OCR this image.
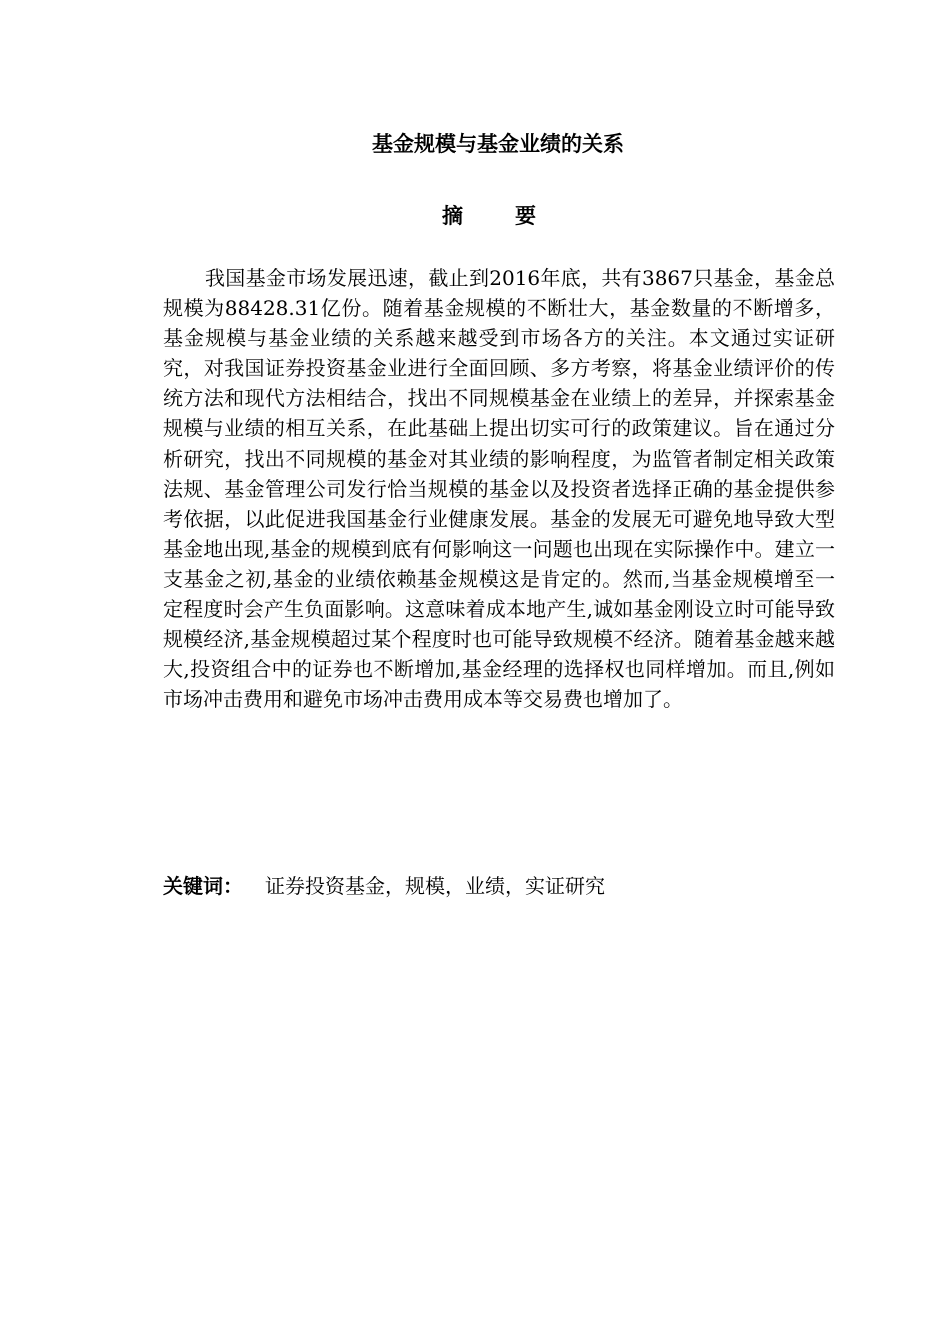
基金规模与基金业绩的关系
摘要

我国基金市场发展迅速，截止到2016年底，共有3867只基金，基金总规模为88428.31亿份。随着基金规模的不断壮大，基金数量的不断增多，基金规模与基金业绩的关系越来越受到市场各方的关注。本文通过实证研究，对我国证券投资基金业进行全面回顾、多方考察，将基金业绩评价的传统方法和现代方法相结合，找出不同规模基金在业绩上的差异，并探索基金规模与业绩的相互关系，在此基础上提出切实可行的政策建议。旨在通过分析研究，找出不同规模的基金对其业绩的影响程度，为监管者制定相关政策法规、基金管理公司发行恰当规模的基金以及投资者选择正确的基金提供参考依据，以此促进我国基金行业健康发展。基金的发展无可避免地导致大型基金地出现,基金的规模到底有何影响这一问题也出现在实际操作中。建立一支基金之初,基金的业绩依赖基金规模这是肯定的。然而,当基金规模增至一定程度时会产生负面影响。这意味着成本地产生,诚如基金刚设立时可能导致规模经济,基金规模超过某个程度时也可能导致规模不经济。随着基金越来越大,投资组合中的证券也不断增加,基金经理的选择权也同样增加。而且,例如市场冲击费用和避免市场冲击费用成本等交易费也增加了。

关键词： 证券投资基金，规模，业绩，实证研究
